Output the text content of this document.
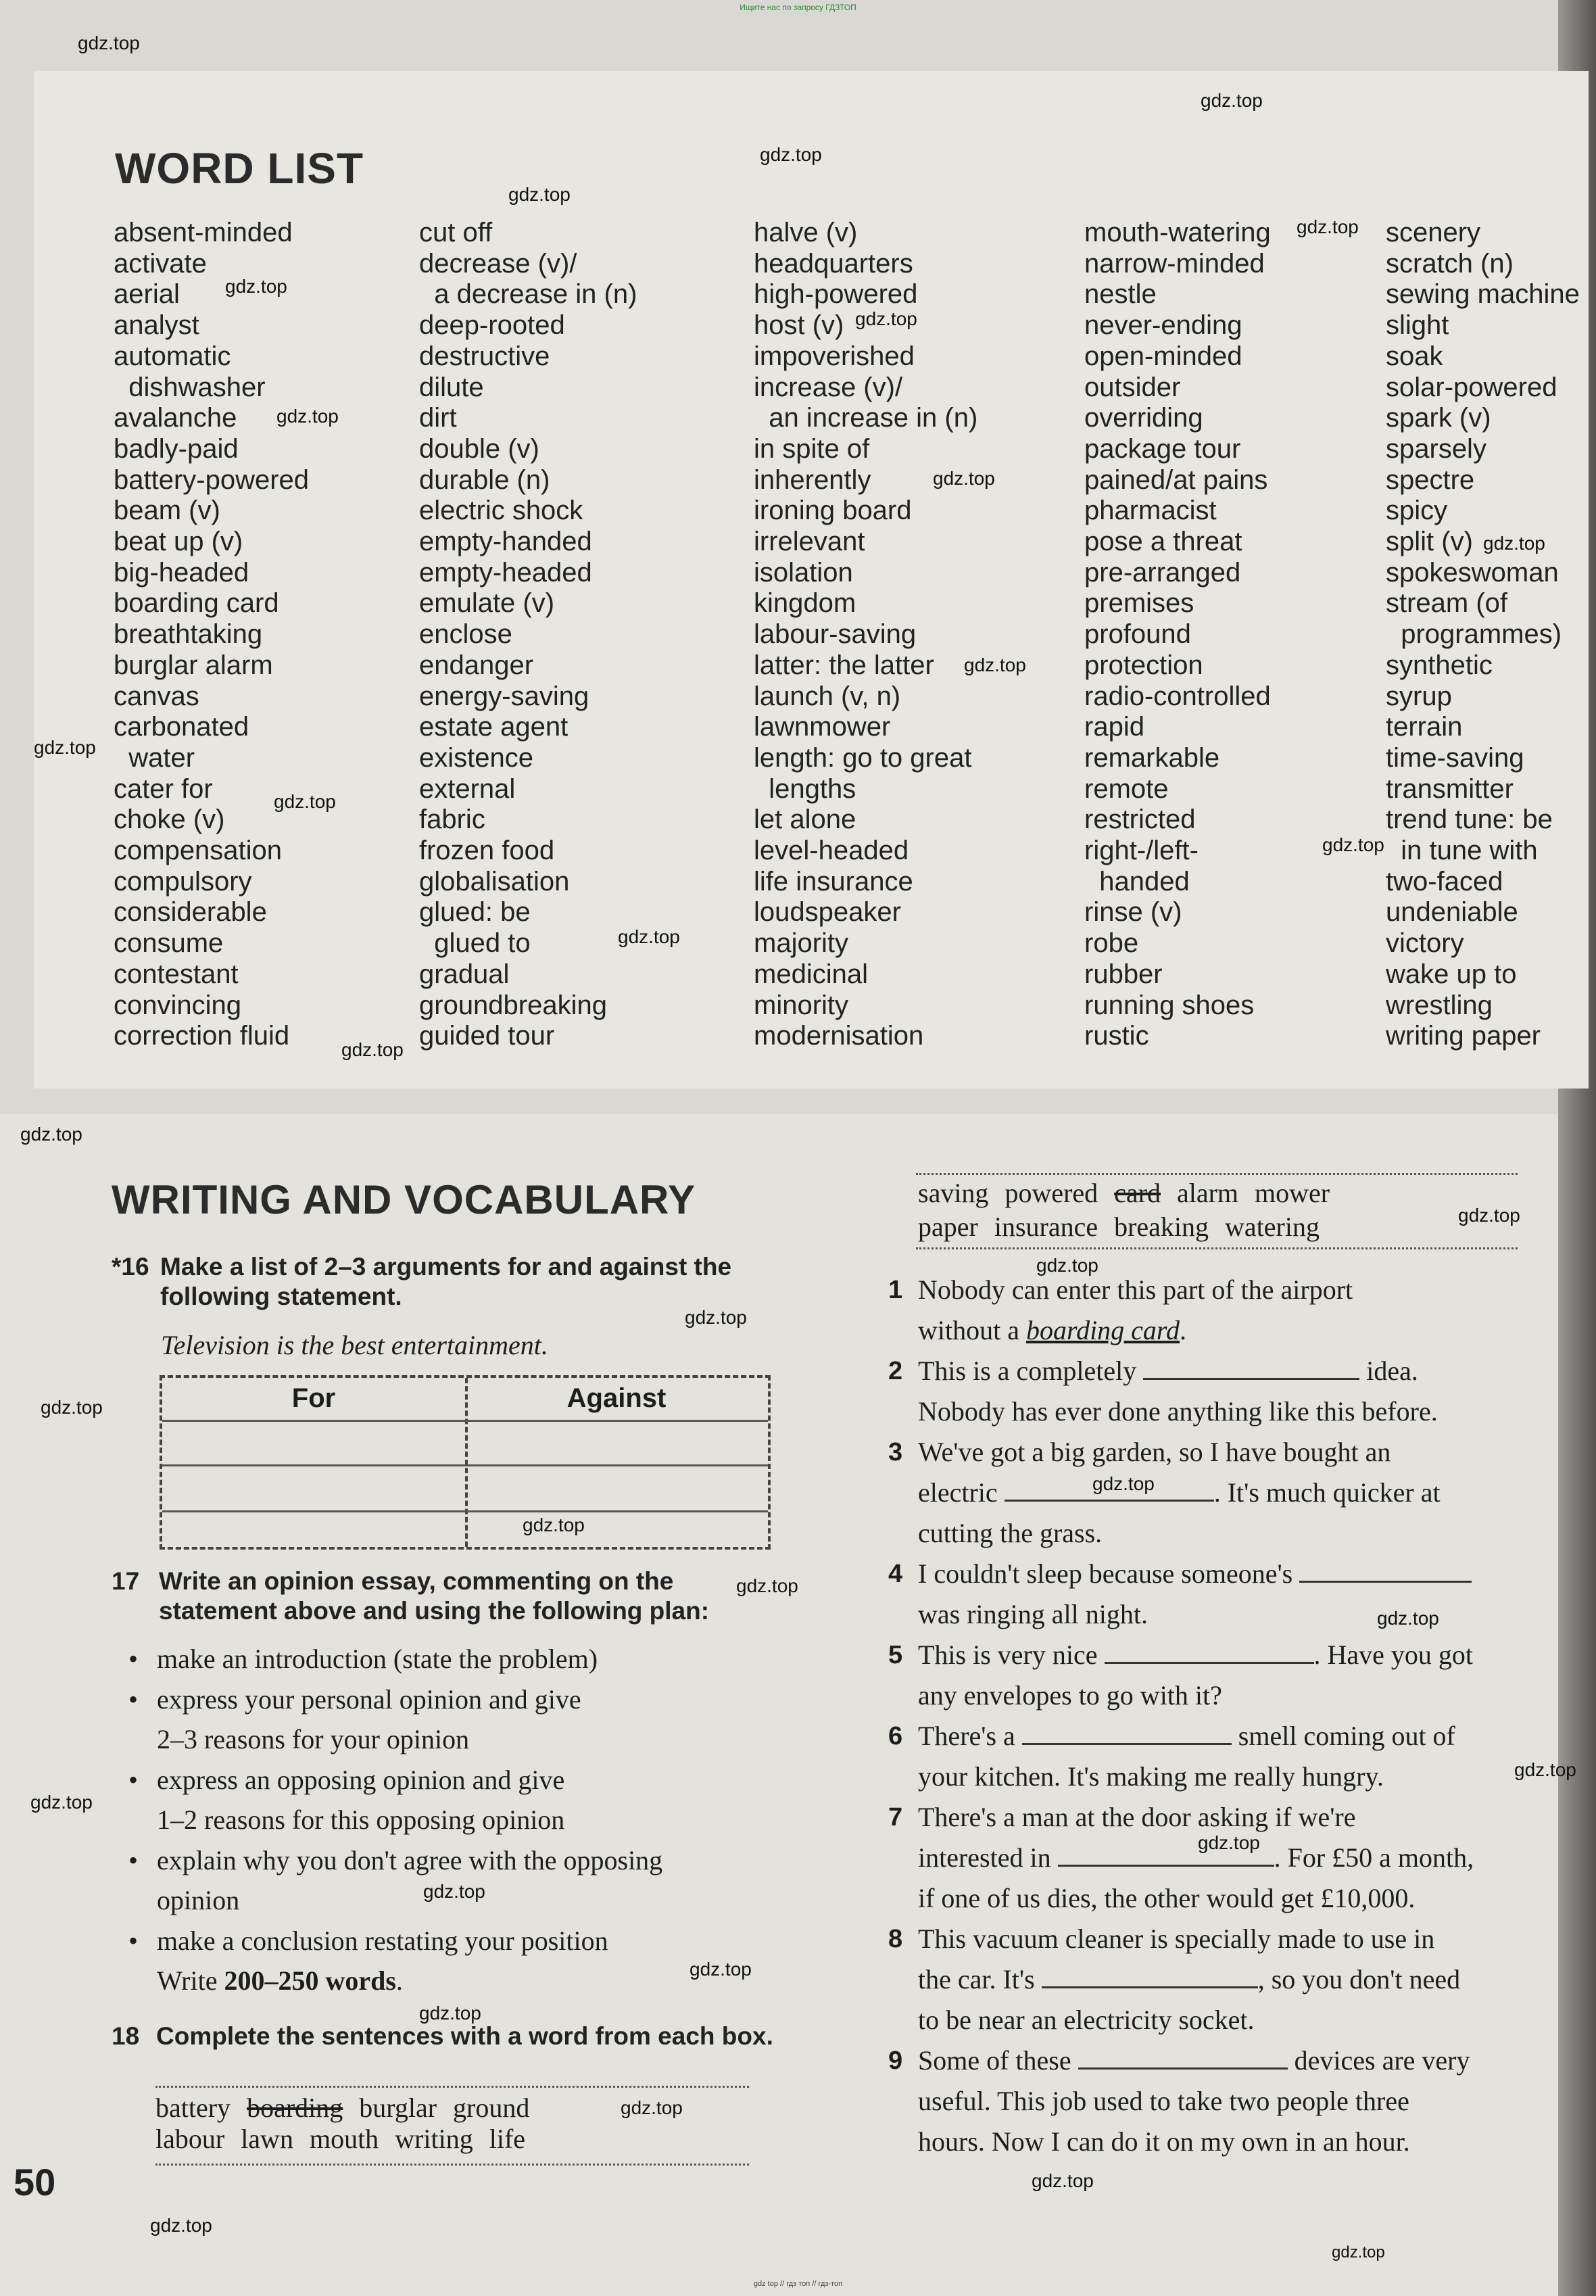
Ищите нас по запросу ГДЗТОП
WORD LIST
absent-minded
activate
aerial
analyst
automatic
dishwasher
avalanche
badly-paid
battery-powered
beam (v)
beat up (v)
big-headed
boarding card
breathtaking
burglar alarm
canvas
carbonated
water
cater for
choke (v)
compensation
compulsory
considerable
consume
contestant
convincing
correction fluid
cut off
decrease (v)/
a decrease in (n)
deep-rooted
destructive
dilute
dirt
double (v)
durable (n)
electric shock
empty-handed
empty-headed
emulate (v)
enclose
endanger
energy-saving
estate agent
existence
external
fabric
frozen food
globalisation
glued: be
glued to
gradual
groundbreaking
guided tour
halve (v)
headquarters
high-powered
host (v)
impoverished
increase (v)/
an increase in (n)
in spite of
inherently
ironing board
irrelevant
isolation
kingdom
labour-saving
latter: the latter
launch (v, n)
lawnmower
length: go to great
lengths
let alone
level-headed
life insurance
loudspeaker
majority
medicinal
minority
modernisation
mouth-watering
narrow-minded
nestle
never-ending
open-minded
outsider
overriding
package tour
pained/at pains
pharmacist
pose a threat
pre-arranged
premises
profound
protection
radio-controlled
rapid
remarkable
remote
restricted
right-/left-
handed
rinse (v)
robe
rubber
running shoes
rustic
scenery
scratch (n)
sewing machine
slight
soak
solar-powered
spark (v)
sparsely
spectre
spicy
split (v)
spokeswoman
stream (of
programmes)
synthetic
syrup
terrain
time-saving
transmitter
trend tune: be
in tune with
two-faced
undeniable
victory
wake up to
wrestling
writing paper
WRITING AND VOCABULARY
*16 Make a list of 2–3 arguments for and against the following statement.
Television is the best entertainment.
For	Against
17 Write an opinion essay, commenting on the statement above and using the following plan:
• make an introduction (state the problem)
• express your personal opinion and give
2–3 reasons for your opinion
• express an opposing opinion and give
1–2 reasons for this opposing opinion
• explain why you don't agree with the opposing
opinion
• make a conclusion restating your position
Write 200–250 words.
18 Complete the sentences with a word from each box.
battery boarding burglar ground
labour lawn mouth writing life
50
saving powered card alarm mower
paper insurance breaking watering
1 Nobody can enter this part of the airport
without a boarding card.
2 This is a completely	idea.
Nobody has ever done anything like this before.
3 We've got a big garden, so I have bought an
electric	. It's much quicker at
cutting the grass.
4 I couldn't sleep because someone's
was ringing all night.
5 This is very nice	. Have you got
any envelopes to go with it?
6 There's a	smell coming out of
your kitchen. It's making me really hungry.
7 There's a man at the door asking if we're
interested in	. For £50 a month,
if one of us dies, the other would get £10,000.
8 This vacuum cleaner is specially made to use in
the car. It's	, so you don't need
to be near an electricity socket.
9 Some of these	devices are very
useful. This job used to take two people three
hours. Now I can do it on my own in an hour.
gdz.top
gdz.top
gdz.top
gdz.top
gdz.top
gdz.top
gdz.top
gdz.top
gdz.top
gdz.top
gdz.top
gdz.top
gdz.top
gdz.top
gdz.top
gdz.top
gdz.top
gdz.top
gdz.top
gdz.top
gdz.top
gdz.top
gdz.top
gdz.top
gdz.top
gdz.top
gdz.top
gdz.top
gdz.top
gdz.top
gdz.top
gdz.top
gdz.top
gdz.top
gdz.top
gdz top // гдз топ // гдз-топ
